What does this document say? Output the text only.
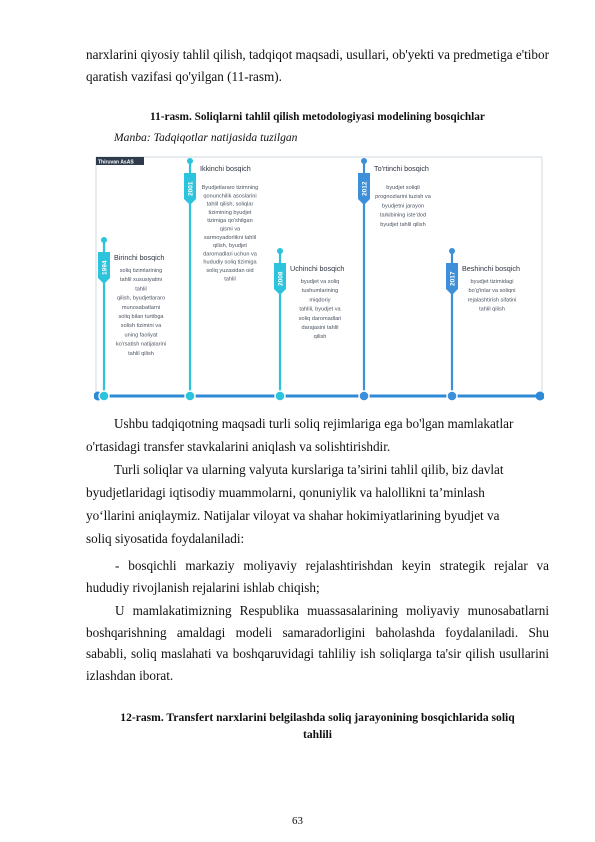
narxlarini qiyosiy tahlil qilish, tadqiqot maqsadi, usullari, ob'yekti va predmetiga e'tibor qaratish vazifasi qo'yilgan (11-rasm).

11-rasm. Soliqlarni tahlil qilish metodologiyasi modelining bosqichlar

Manba: Tadqiqotlar natijasida tuzilgan

Thiruvan AsAS
1994
Birinchi bosqich
soliq tizimlarining
tahlil xususiyatini
tahlil
qilish, byudjetlararo
munosabatlarni
soliq bilan turtibga
solish tizimini va
uning faoliyat
ko'rsatish natijalarini
tahlil qilish
2001
Ikkinchi bosqich
Byudjetlararo tizimning
qonunchilik asoslarini
tahlil qilish, soliqlar
tizimining byudjet
tizimiga qo'shilgan
qismi va
sarmoyadorlikni tahlil
qilish, byudjet
daromadlari uchun va
hududiy soliq tizimiga
soliq yuzasidan oid
tahlil	2008
Uchinchi bosqich
byudjet va soliq
tushumlarining
miqdoriy
tahlili, byudjet va
soliq daromadlari
darajasini tahlil
qilish
2012
To'rtinchi bosqich
byudjet soliqli
prognozlarini tuzish va
byudjetni jarayon
tarkibining iste'dod
byudjet tahlil qilish
2017
Beshinchi bosqich
byudjet tizimidagi
bo'g'inlar va soliqni
rejalashtirish sifatini
tahlil qilish

Ushbu tadqiqotning maqsadi turli soliq rejimlariga ega bo'lgan mamlakatlar

o'rtasidagi transfer stavkalarini aniqlash va solishtirishdir.

Turli soliqlar va ularning valyuta kurslariga ta’sirini tahlil qilib, biz davlat

byudjetlaridagi iqtisodiy muammolarni, qonuniylik va halollikni ta’minlash

yo‘llarini aniqlaymiz. Natijalar viloyat va shahar hokimiyatlarining byudjet va

soliq siyosatida foydalaniladi:

- bosqichli markaziy moliyaviy rejalashtirishdan keyin strategik rejalar va hududiy rivojlanish rejalarini ishlab chiqish;

U mamlakatimizning Respublika muassasalarining moliyaviy munosabatlarni boshqarishning amaldagi modeli samaradorligini baholashda foydalaniladi. Shu sababli, soliq maslahati va boshqaruvidagi tahliliy ish soliqlarga ta'sir qilish usullarini izlashdan iborat.

12-rasm. Transfert narxlarini belgilashda soliq jarayonining bosqichlarida soliq

tahlili

63
